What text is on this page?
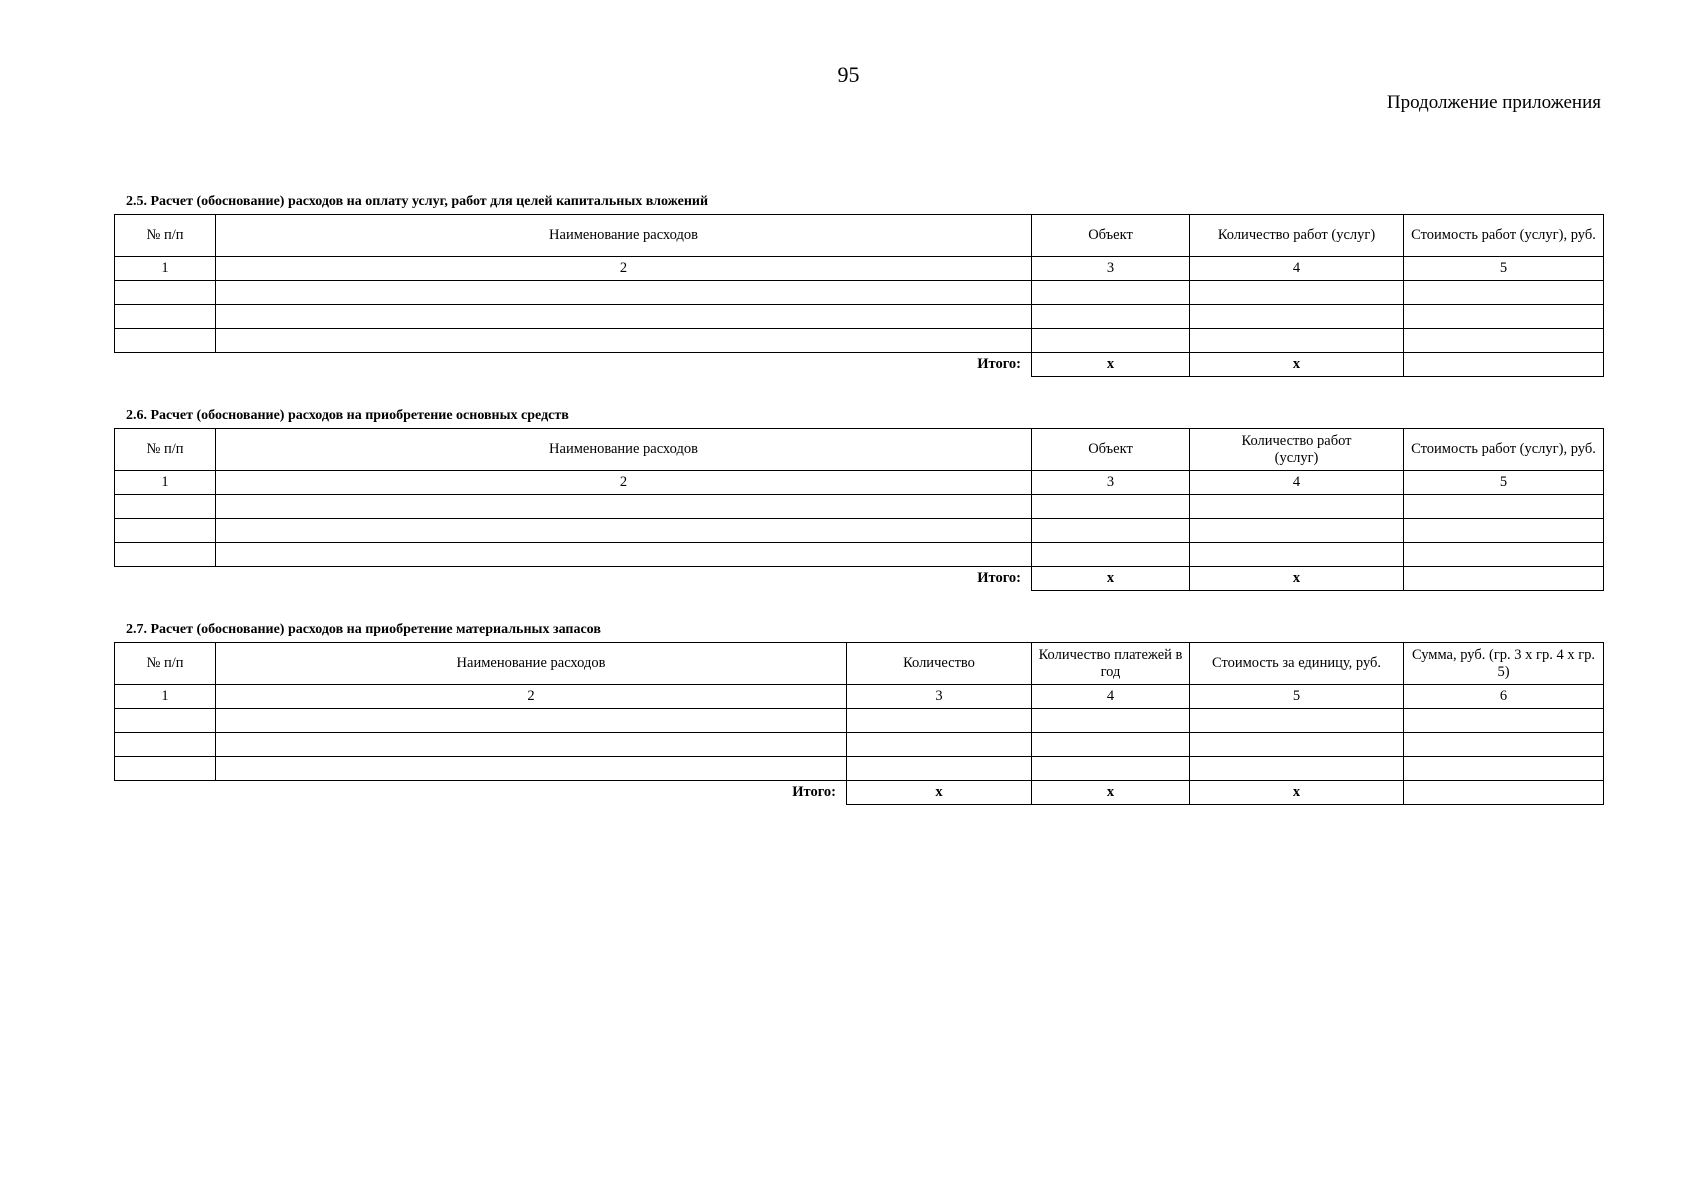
95
Продолжение приложения
2.5. Расчет (обоснование) расходов на оплату услуг, работ для целей капитальных вложений
№ п/п	Наименование расходов	Объект	Количество работ (услуг)	Стоимость работ (услуг), руб.
1	2	3	4	5

Итого:		x	x	
2.6. Расчет (обоснование) расходов на приобретение основных средств
№ п/п	Наименование расходов	Объект	Количество работ (услуг)	Стоимость работ (услуг), руб.
1	2	3	4	5

Итого:		x	x	
2.7. Расчет (обоснование) расходов на приобретение материальных запасов
№ п/п	Наименование расходов	Количество	Количество платежей в год	Стоимость за единицу, руб.	Сумма, руб. (гр. 3 х гр. 4 х гр. 5)
1	2	3	4	5	6

Итого:		x	x	x	
